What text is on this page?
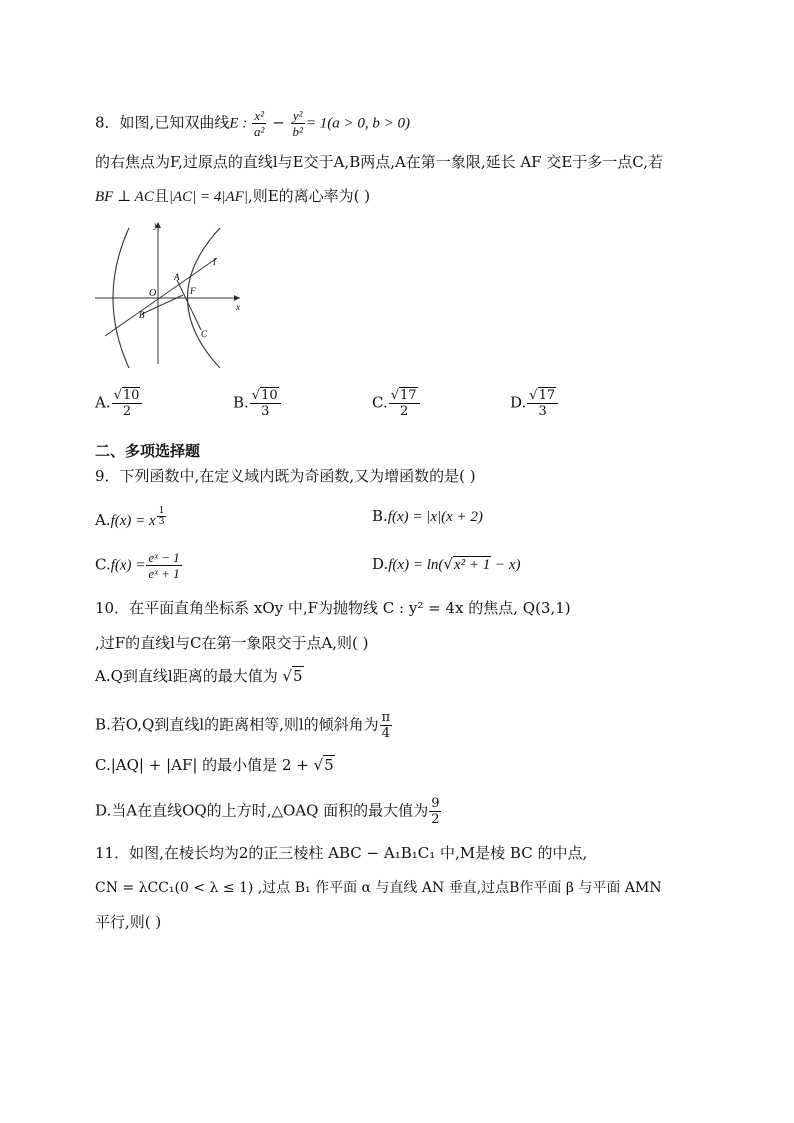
8．如图,已知双曲线E : $\frac{\text{x²}}{\text{a²}} - \frac{\text{y²}}{\text{b²}} = 1(a > 0$, b > 0)
的右焦点为F,过原点的直线l与E交于A,B两点,A在第一象限,延长 AF 交E于多一点C,若
BF ⊥ AC且|AC| = 4|AF|,则E的离心率为( )
y
x
O
A
B
F
C
l
A. $\frac{√10}{2}$	B. $\frac{√10}{3}$	C. $\frac{√17}{2}$	D. $\frac{√17}{3}$
二、多项选择题
9．下列函数中,在定义域内既为奇函数,又为增函数的是( )
A.f(x) = x $^{\frac{1}{3}}$	B.f(x) = |x|(x + 2)
$C.f(x) = \frac{\text{eˣ − 1}}{\text{eˣ + 1}}$	D.f(x) = ln(√x² + 1 − x)
10．在平面直角坐标系 xOy 中,F为抛物线 C : y² = 4x 的焦点, Q(3,1)
,过F的直线l与C在第一象限交于点A,则( )
A.Q到直线l距离的最大值为 √5
B.若O,Q到直线l的距离相等,则l的倾斜角为 $\frac{\pi}{4}$
C.|AQ| + |AF| 的最小值是 2 + √5
D.当A在直线OQ的上方时,△OAQ 面积的最大值为 $\frac{9}{2}$
11．如图,在棱长均为2的正三棱柱 ABC − A₁B₁C₁ 中,M是棱 BC 的中点,
CN = λCC₁(0 < λ ≤ 1) ,过点 B₁ 作平面 α 与直线 AN 垂直,过点B作平面 β 与平面 AMN
平行,则( )
